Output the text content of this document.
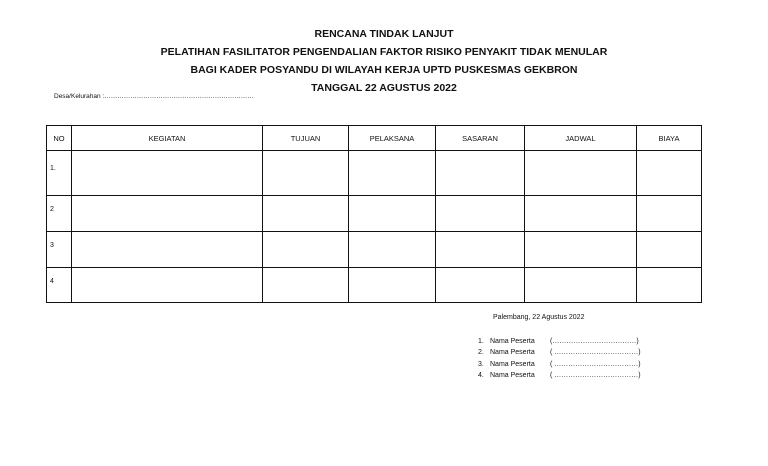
RENCANA TINDAK LANJUT
PELATIHAN FASILITATOR PENGENDALIAN FAKTOR RISIKO PENYAKIT TIDAK MENULAR
BAGI KADER POSYANDU DI WILAYAH KERJA UPTD PUSKESMAS GEKBRON
TANGGAL 22 AGUSTUS 2022
Desa/Kelurahan :……………………………………………………………
NO	KEGIATAN	TUJUAN	PELAKSANA	SASARAN	JADWAL	BIAYA
1.						
2						
3						
4						
Palembang, 22 Agustus 2022
1. Nama Peserta	(………………………………)
2. Nama Peserta	( ………………………………)
3. Nama Peserta	( ………………………………)
4. Nama Peserta	( ………………………………)
